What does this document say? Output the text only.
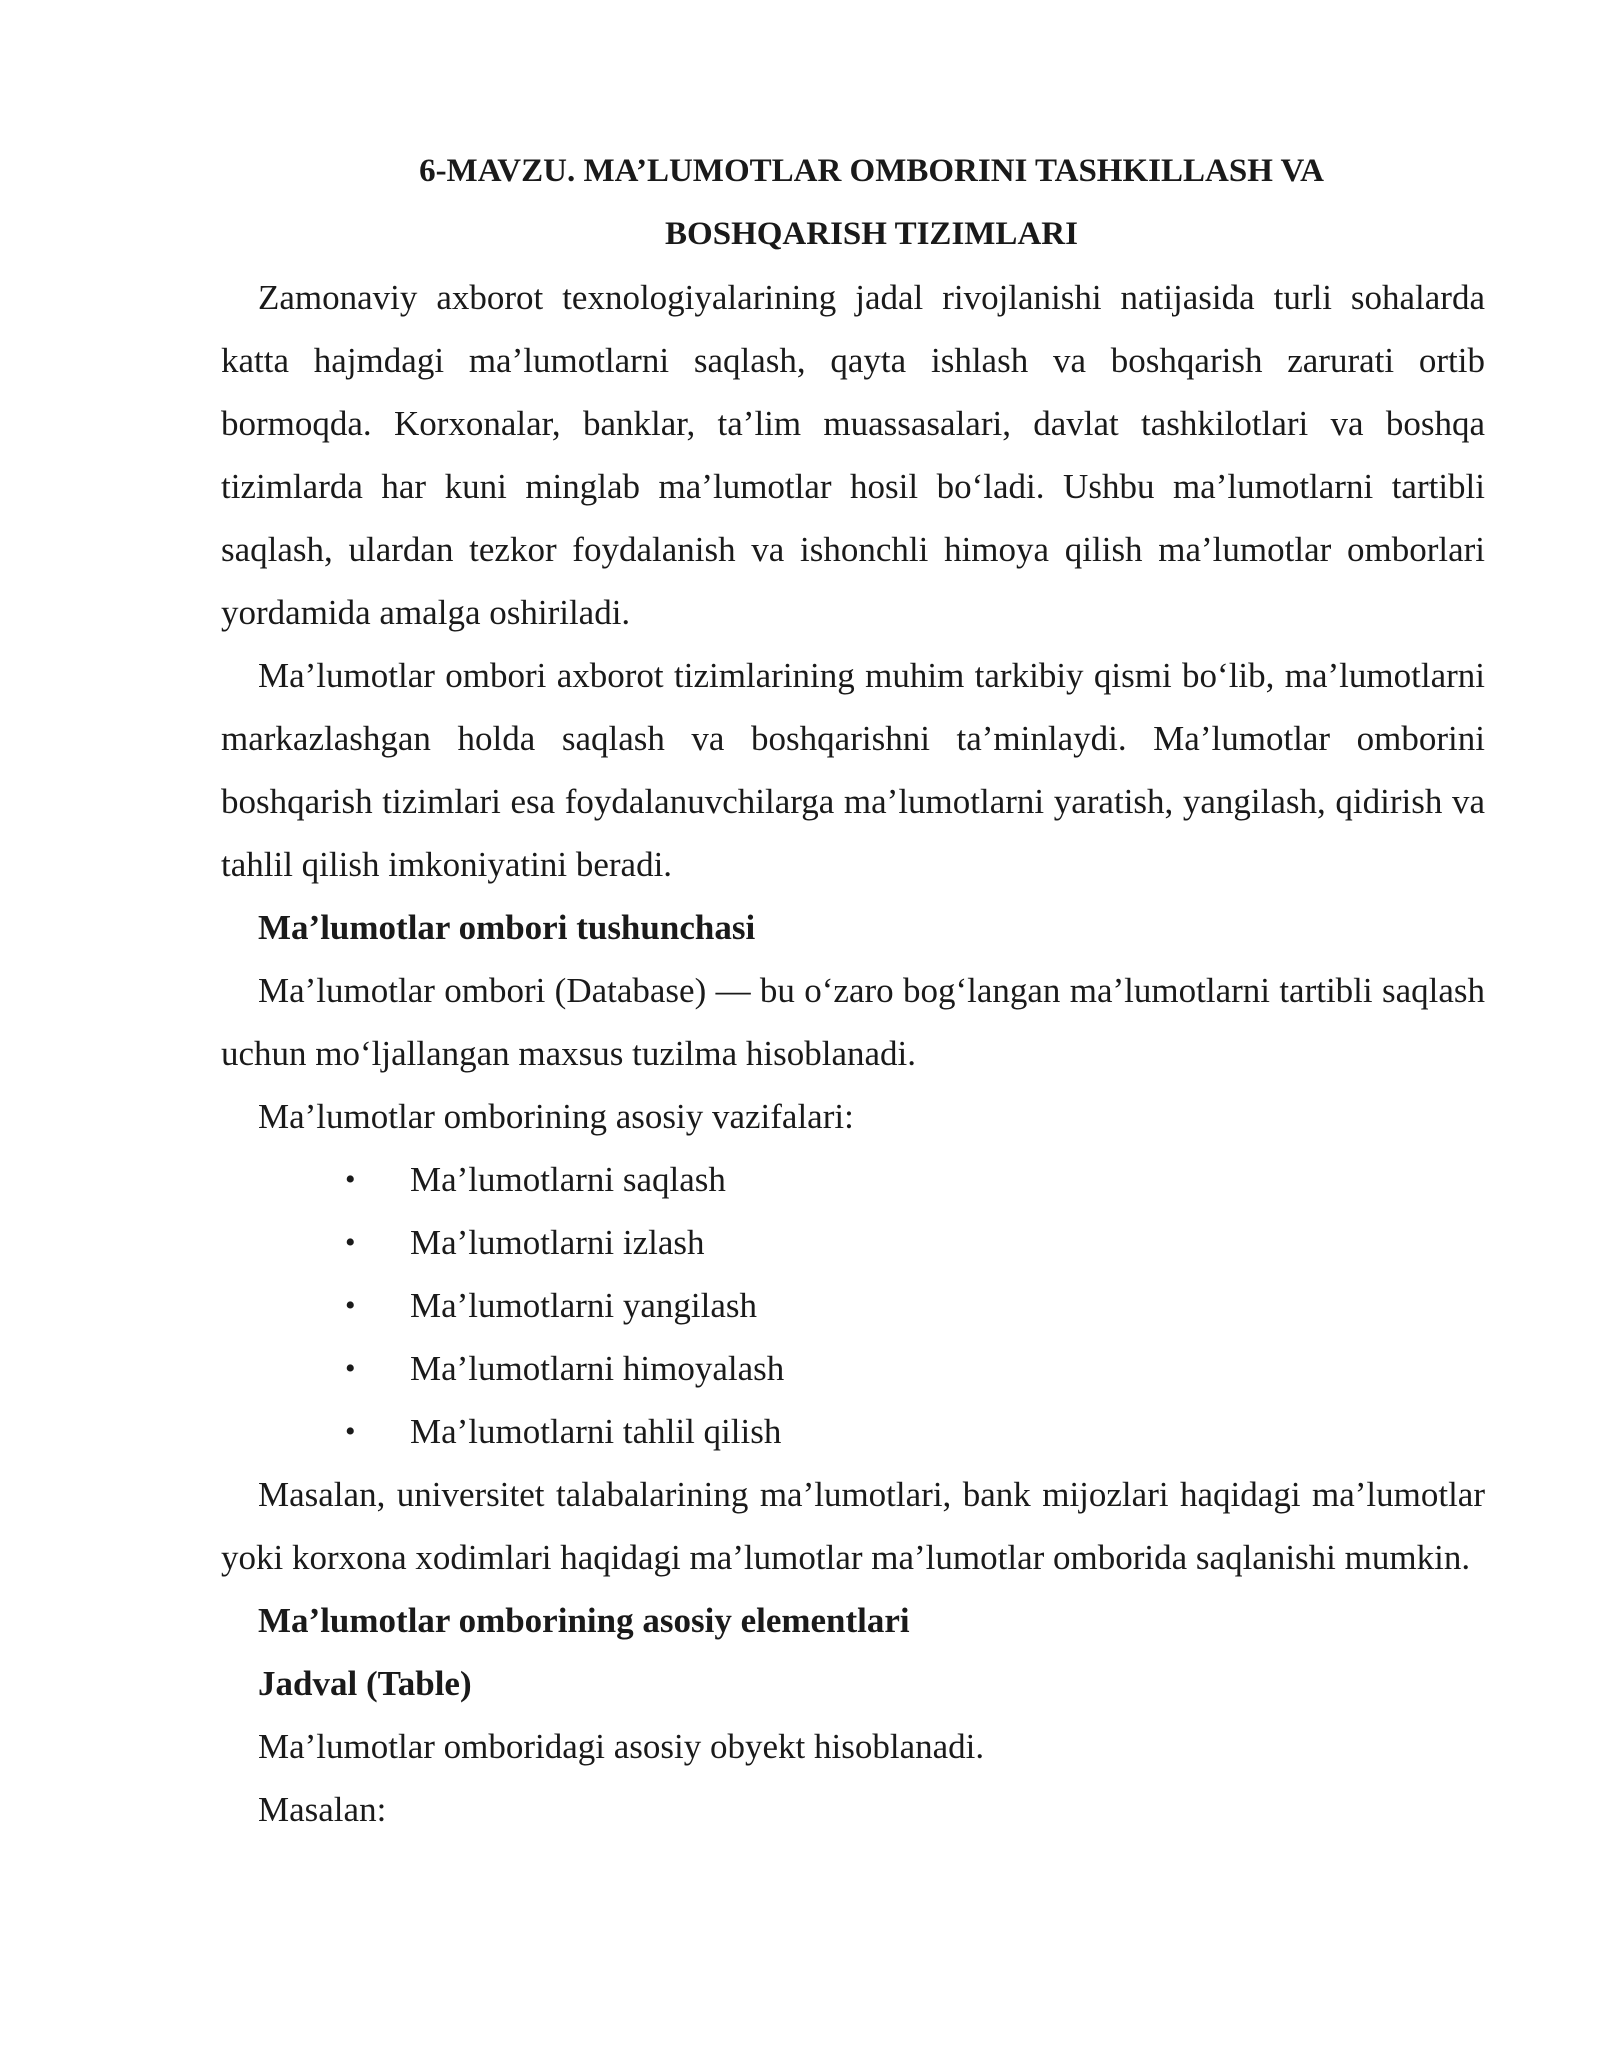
6-MAVZU. MA’LUMOTLAR OMBORINI TASHKILLASH VA

BOSHQARISH TIZIMLARI

Zamonaviy axborot texnologiyalarining jadal rivojlanishi natijasida turli sohalarda katta hajmdagi ma’lumotlarni saqlash, qayta ishlash va boshqarish zarurati ortib bormoqda. Korxonalar, banklar, ta’lim muassasalari, davlat tashkilotlari va boshqa tizimlarda har kuni minglab ma’lumotlar hosil bo‘ladi. Ushbu ma’lumotlarni tartibli saqlash, ulardan tezkor foydalanish va ishonchli himoya qilish ma’lumotlar omborlari yordamida amalga oshiriladi.

Ma’lumotlar ombori axborot tizimlarining muhim tarkibiy qismi bo‘lib, ma’lumotlarni markazlashgan holda saqlash va boshqarishni ta’minlaydi. Ma’lumotlar omborini boshqarish tizimlari esa foydalanuvchilarga ma’lumotlarni yaratish, yangilash, qidirish va tahlil qilish imkoniyatini beradi.

Ma’lumotlar ombori tushunchasi

Ma’lumotlar ombori (Database) — bu o‘zaro bog‘langan ma’lumotlarni tartibli saqlash uchun mo‘ljallangan maxsus tuzilma hisoblanadi.

Ma’lumotlar omborining asosiy vazifalari:

• Ma’lumotlarni saqlash
• Ma’lumotlarni izlash
• Ma’lumotlarni yangilash
• Ma’lumotlarni himoyalash
• Ma’lumotlarni tahlil qilish

Masalan, universitet talabalarining ma’lumotlari, bank mijozlari haqidagi ma’lumotlar yoki korxona xodimlari haqidagi ma’lumotlar ma’lumotlar omborida saqlanishi mumkin.

Ma’lumotlar omborining asosiy elementlari

Jadval (Table)

Ma’lumotlar omboridagi asosiy obyekt hisoblanadi.

Masalan:
